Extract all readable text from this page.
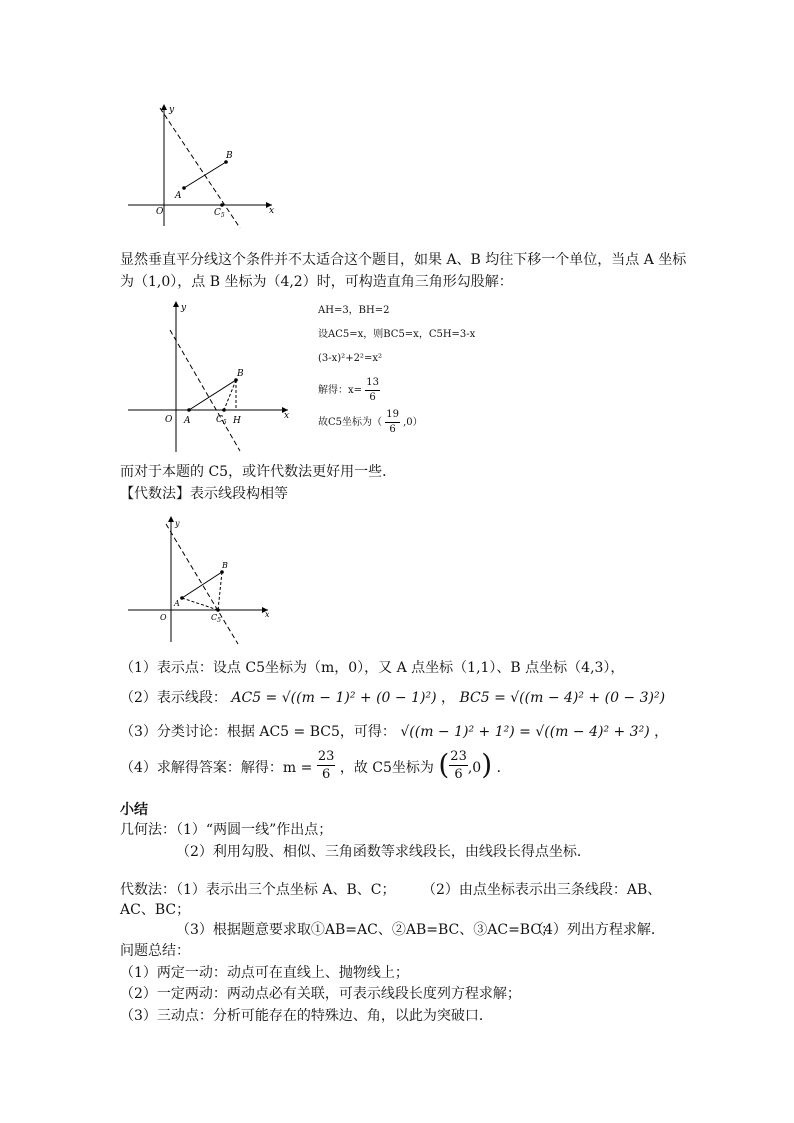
y
x
O
A
B
$C_5$
显然垂直平分线这个条件并不太适合这个题目，如果 A、B 均往下移一个单位，当点 A 坐标
为（1,0），点 B 坐标为（4,2）时，可构造直角三角形勾股解：
y
x
O A
B
$C_5$ H
AH=3，BH=2
设AC5=x，则BC5=x，C5H=3-x
(3-x)²+2²=x²
解得：$x= \frac{13}{6}$
故C5坐标为（ $\frac{19}{6} ,0$）
而对于本题的 C5，或许代数法更好用一些．
【代数法】表示线段构相等
y
x
O
A
B
$C_5$
（1）表示点：设点 C5坐标为（m，0），又 A 点坐标（1,1）、B 点坐标（4,3），
（2）表示线段： AC5 = √((m − 1)² + (0 − 1)²) ， BC5 = √((m − 4)² + (0 − 3)²)
（3）分类讨论：根据 AC5 = BC5，可得： √((m − 1)² + 1²) = √((m − 4)² + 3²) ，
（4）求解得答案：解得：$m = \frac{23}{6}$ ，故 C5坐标为 ( $\frac{23}{6} ,0$) ．
小结
几何法：（1）“两圆一线”作出点；
（2）利用勾股、相似、三角函数等求线段长，由线段长得点坐标．
代数法：（1）表示出三个点坐标 A、B、C； （2）由点坐标表示出三条线段：AB、
AC、BC；
（3）根据题意要求取①AB=AC、②AB=BC、③AC=BC；
（4）列出方程求解．
问题总结：
（1）两定一动：动点可在直线上、抛物线上；
（2）一定两动：两动点必有关联，可表示线段长度列方程求解；
（3）三动点：分析可能存在的特殊边、角，以此为突破口．
